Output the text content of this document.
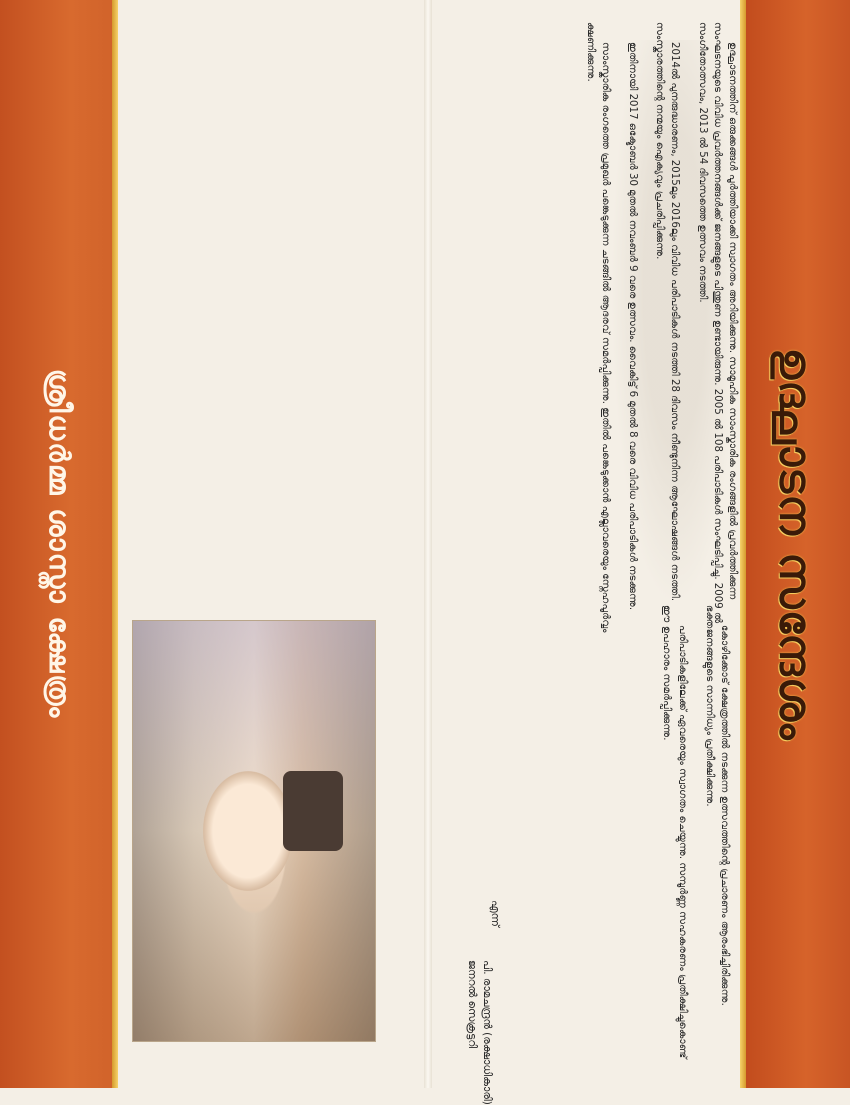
ശ്രീധർമ്മ ശാസ്താ ക്ഷേത്രം	ഉദ്ഘാടന സന്ദേശം

ഉദ്ഘാടനത്തിന് ഒരുക്കങ്ങൾ പൂർത്തിയാക്കി സ്വാഗതം അറിയിക്കുന്നു. സാമൂഹിക സാംസ്കാരിക രംഗങ്ങളിൽ പ്രവർത്തിക്കുന്ന സംഘടനയുടെ വിവിധ പ്രവർത്തനങ്ങൾക്ക് ജനങ്ങളുടെ പിന്തുണ ഉണ്ടായിരുന്നു. 2005 ൽ 108 പരിപാടികൾ സംഘടിപ്പിച്ചു. 2009 ൽ സംഗീതോത്സവം, 2013 ൽ 54 ദിവസത്തെ ഉത്സവം നടത്തി.

2014ൽ പുനരുദ്ധാരണം, 2015ലും 2016ലും വിവിധ പരിപാടികൾ നടത്തി 28 ദിവസം നീണ്ടുനിന്ന ആഘോഷങ്ങൾ നടത്തി. സംസ്കാരത്തിന്റെ നന്മയും ഐക്യവും പ്രചരിപ്പിക്കുന്നു.

ഇതിനായി 2017 ഒക്ടോബർ 30 മുതൽ നവംബർ 9 വരെ ഉത്സവം. വൈകിട്ട് 6 മുതൽ 8 വരെ വിവിധ പരിപാടികൾ നടക്കുന്നു.

സാംസ്കാരിക രംഗത്തെ പ്രമുഖർ പങ്കെടുക്കുന്ന ചടങ്ങിൽ ആദരവ് സമർപ്പിക്കുന്നു. ഇതിൽ പങ്കെടുക്കാൻ എല്ലാവരെയും സ്നേഹപൂർവ്വം ക്ഷണിക്കുന്നു.

കോഴിക്കോട് ക്ഷേത്രത്തിൽ നടക്കുന്ന ഉത്സവത്തിന്റെ പ്രചാരണം ആരംഭിച്ചിരിക്കുന്നു. ഭക്തജനങ്ങളുടെ സാന്നിധ്യം പ്രതീക്ഷിക്കുന്നു.

പരിപാടികളിലേക്ക് ഏവരെയും സ്വാഗതം ചെയ്യുന്നു. സമ്പൂർണ്ണ സഹകരണം പ്രതീക്ഷിച്ചുകൊണ്ട് ഈ ഉപഹാരം സമർപ്പിക്കുന്നു.

എന്ന്
പി. രാമചന്ദ്രൻ (രക്ഷാധികാരി)
ജനറൽ സെക്രട്ടറി
